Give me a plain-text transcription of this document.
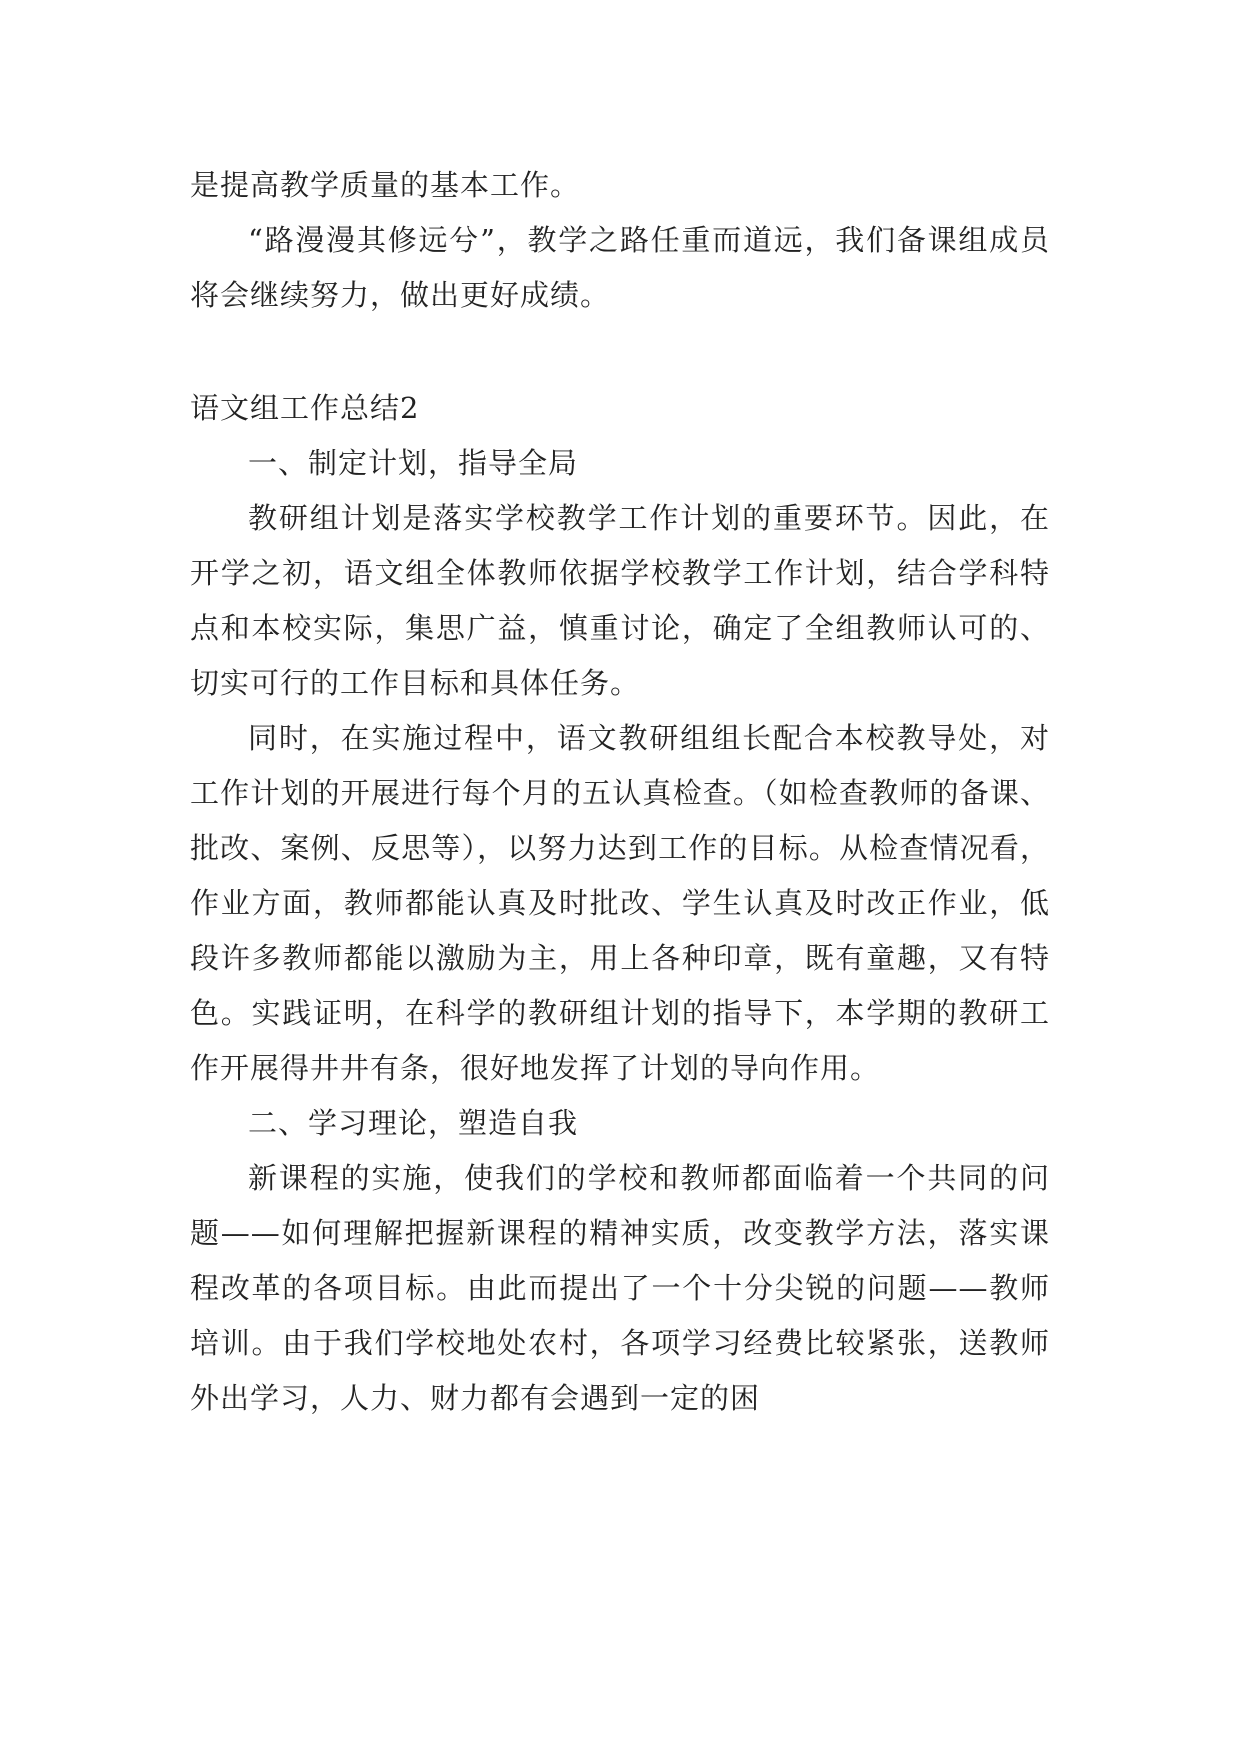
是提高教学质量的基本工作。

“路漫漫其修远兮”，教学之路任重而道远，我们备课组成员将会继续努力，做出更好成绩。

语文组工作总结2

一、制定计划，指导全局

教研组计划是落实学校教学工作计划的重要环节。因此，在开学之初，语文组全体教师依据学校教学工作计划，结合学科特点和本校实际，集思广益，慎重讨论，确定了全组教师认可的、切实可行的工作目标和具体任务。

同时，在实施过程中，语文教研组组长配合本校教导处，对工作计划的开展进行每个月的五认真检查。（如检查教师的备课、批改、案例、反思等），以努力达到工作的目标。从检查情况看，作业方面，教师都能认真及时批改、学生认真及时改正作业，低段许多教师都能以激励为主，用上各种印章，既有童趣，又有特色。实践证明，在科学的教研组计划的指导下，本学期的教研工作开展得井井有条，很好地发挥了计划的导向作用。

二、学习理论，塑造自我

新课程的实施，使我们的学校和教师都面临着一个共同的问题——如何理解把握新课程的精神实质，改变教学方法，落实课程改革的各项目标。由此而提出了一个十分尖锐的问题——教师培训。由于我们学校地处农村，各项学习经费比较紧张，送教师外出学习，人力、财力都有会遇到一定的困
